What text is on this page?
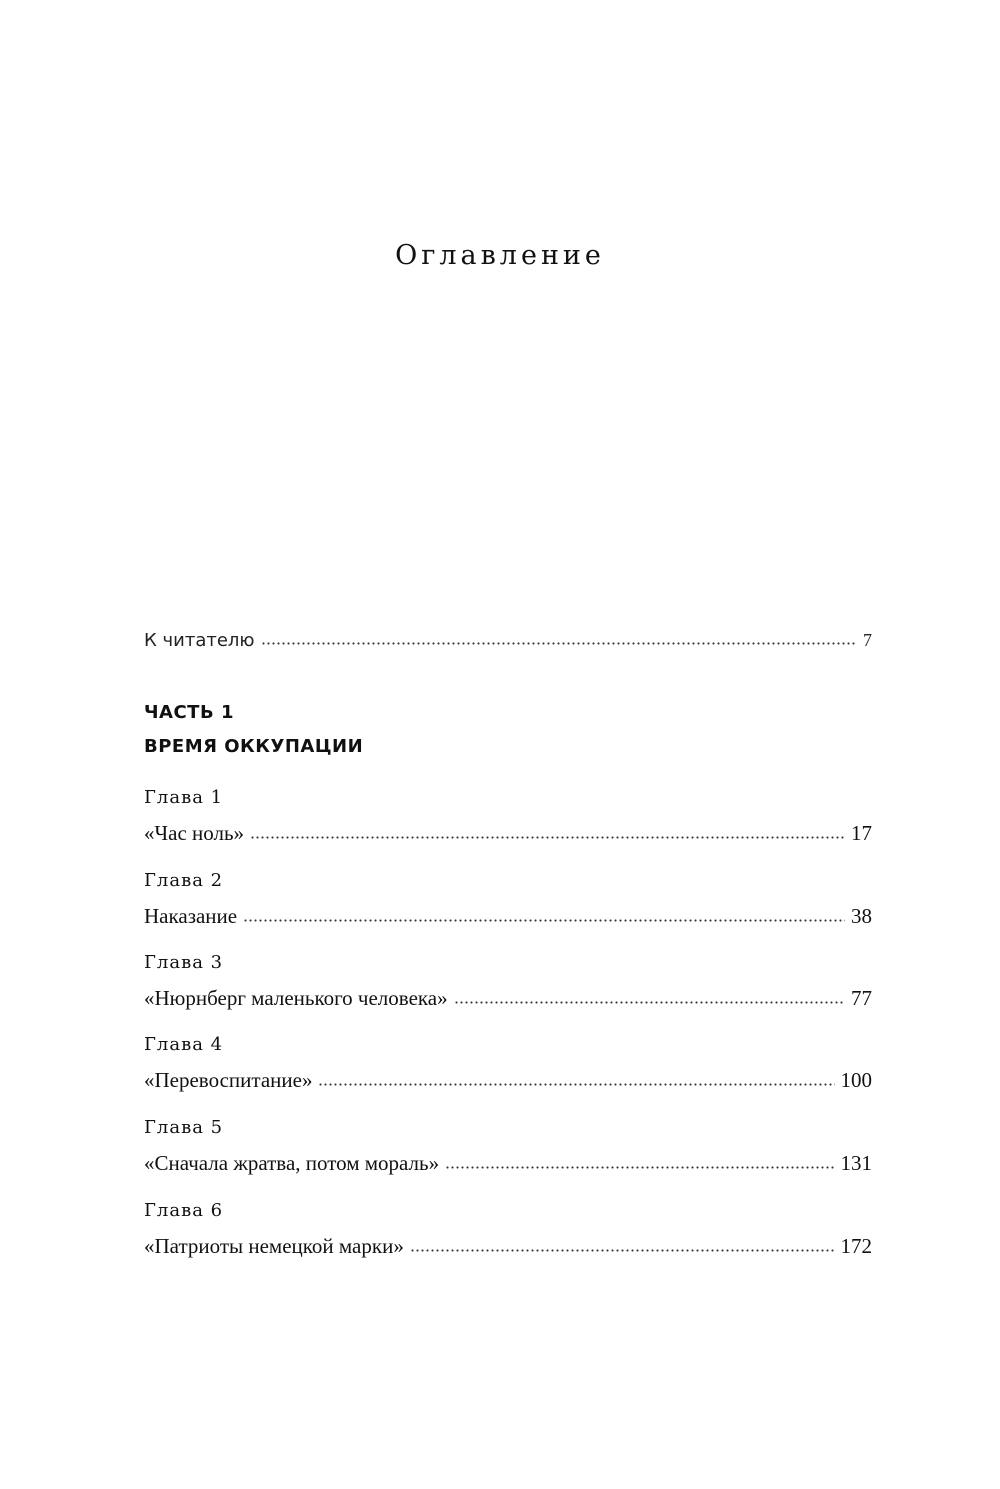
Оглавление
К читателю	7
ЧАСТЬ 1
ВРЕМЯ ОККУПАЦИИ
Глава 1
«Час ноль»	17
Глава 2
Наказание	38
Глава 3
«Нюрнберг маленького человека»	77
Глава 4
«Перевоспитание»	100
Глава 5
«Сначала жратва, потом мораль»	131
Глава 6
«Патриоты немецкой марки»	172
